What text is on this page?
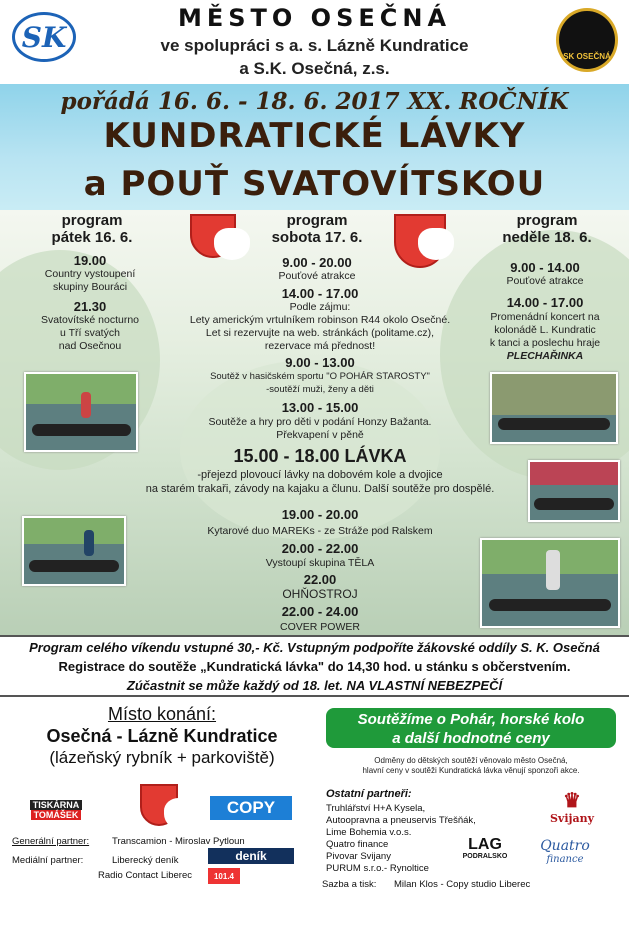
SK
SK OSEČNÁ
MĚSTO OSEČNÁ
ve spolupráci s a. s. Lázně Kundratice
a S.K. Osečná, z.s.
pořádá 16. 6. - 18. 6. 2017 XX. ROČNÍK
KUNDRATICKÉ LÁVKY
a POUŤ SVATOVÍTSKOU
program
pátek 16. 6.
19.00
Country vystoupení
skupiny Bouráci
21.30
Svatovítské nocturno
u Tří svatých
nad Osečnou
program
sobota 17. 6.
9.00 - 20.00
Pouťové atrakce
14.00 - 17.00
Podle zájmu:
Lety americkým vrtulníkem robinson R44 okolo Osečné.
Let si rezervujte na web. stránkách (politame.cz),
rezervace má přednost!
9.00 - 13.00
Soutěž v hasičském sportu "O POHÁR STAROSTY"
-soutěží muži, ženy a děti
13.00 - 15.00
Soutěže a hry pro děti v podání Honzy Bažanta.
Překvapení v pěně
15.00 - 18.00 LÁVKA
-přejezd plovoucí lávky na dobovém kole a dvojice
na starém trakaři, závody na kajaku a člunu. Další soutěže pro dospělé.
19.00 - 20.00
Kytarové duo MAREKs - ze Stráže pod Ralskem
20.00 - 22.00
Vystoupí skupina TĚLA
22.00
OHŇOSTROJ
22.00 - 24.00
COVER POWER
program
neděle 18. 6.
9.00 - 14.00
Pouťové atrakce
14.00 - 17.00
Promenádní koncert na
kolonádě L. Kundratic
k tanci a poslechu hraje
PLECHAŘINKA
Program celého víkendu vstupné 30,- Kč. Vstupným podpoříte žákovské oddíly S. K. Osečná
Registrace do soutěže „Kundratická lávka" do 14,30 hod. u stánku s občerstvením.
Zúčastnit se může každý od 18. let. NA VLASTNÍ NEBEZPEČÍ
Místo konání:
Osečná - Lázně Kundratice
(lázeňský rybník + parkoviště)
Soutěžíme o Pohár, horské kolo
a další hodnotné ceny
Odměny do dětských soutěží věnovalo město Osečná,
hlavní ceny v soutěži Kundratická lávka věnují sponzoři akce.
TISKÁRNA
TOMÁŠEK	COPY
Generální partner: Transcamion - Miroslav Pytloun
Mediální partner:	Liberecký deník
Radio Contact Liberec
deník
101.4
Ostatní partneři:
Truhlářství H+A Kysela,
Autoopravna a pneuservis Třešňák,
Lime Bohemia v.o.s.
Quatro finance
Pivovar Svijany
PURUM s.r.o.- Rynoltice
Sazba a tisk: Milan Klos - Copy studio Liberec
♛
Svijany
LAG
PODRALSKO
Quatro
finance
